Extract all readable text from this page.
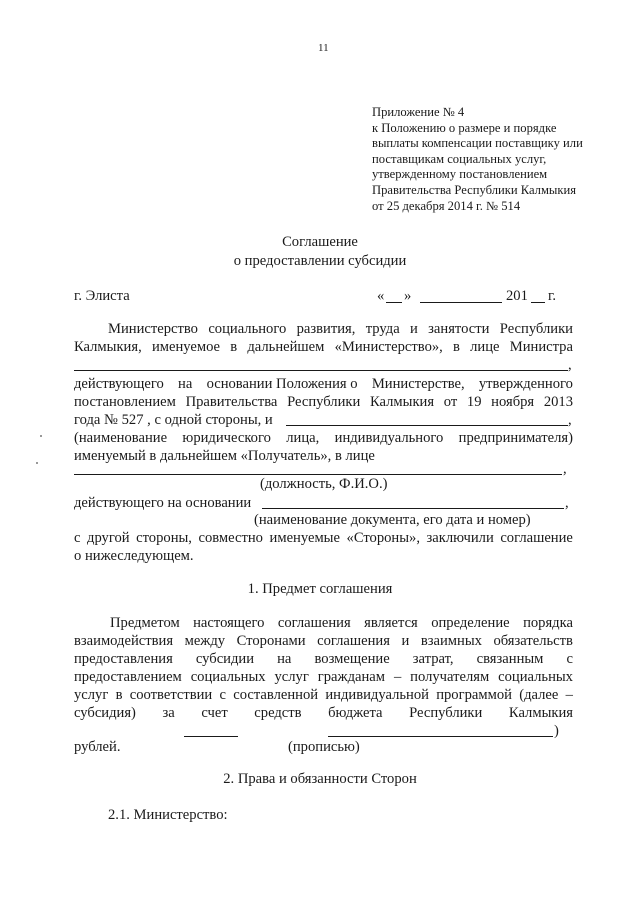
11
Приложение № 4
к Положению о размере и порядке
выплаты компенсации поставщику или
поставщикам социальных услуг,
утвержденному постановлением
Правительства Республики Калмыкия
от 25 декабря 2014 г. № 514
Соглашение
о предоставлении субсидии
г. Элиста	« »	201 г.
Министерство социального развития, труда и занятости Республики
Калмыкия, именуемое в дальнейшем «Министерство», в лице Министра
,
действующего на основании Положения о Министерстве, утвержденного
постановлением Правительства Республики Калмыкия от 19 ноября 2013
года № 527 , с одной стороны, и	,
(наименование юридического лица, индивидуального предпринимателя)
именуемый в дальнейшем «Получатель», в лице
,
(должность, Ф.И.О.)
действующего на основании	,
(наименование документа, его дата и номер)
с другой стороны, совместно именуемые «Стороны», заключили соглашение
о нижеследующем.
1. Предмет соглашения
Предметом настоящего соглашения является определение порядка
взаимодействия между Сторонами соглашения и взаимных обязательств
предоставления субсидии на возмещение затрат, связанным с
предоставлением социальных услуг гражданам – получателям социальных
услуг в соответствии с составленной индивидуальной программой (далее –
субсидия) за счет средств бюджета Республики Калмыкия
)
рублей.	(прописью)
2. Права и обязанности Сторон
2.1. Министерство:
